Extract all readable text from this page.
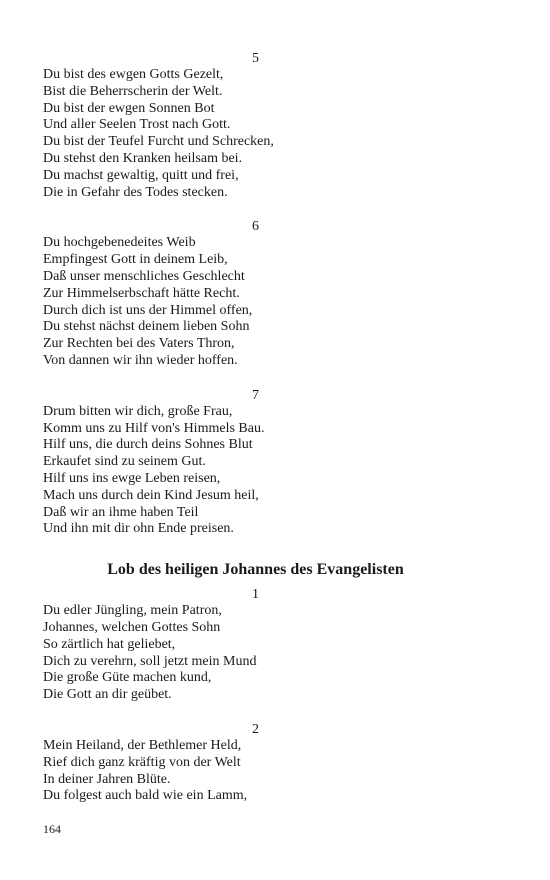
5

Du bist des ewgen Gotts Gezelt,

Bist die Beherrscherin der Welt.

Du bist der ewgen Sonnen Bot

Und aller Seelen Trost nach Gott.

Du bist der Teufel Furcht und Schrecken,

Du stehst den Kranken heilsam bei.

Du machst gewaltig, quitt und frei,

Die in Gefahr des Todes stecken.

6

Du hochgebenedeites Weib

Empfingest Gott in deinem Leib,

Daß unser menschliches Geschlecht

Zur Himmelserbschaft hätte Recht.

Durch dich ist uns der Himmel offen,

Du stehst nächst deinem lieben Sohn

Zur Rechten bei des Vaters Thron,

Von dannen wir ihn wieder hoffen.

7

Drum bitten wir dich, große Frau,

Komm uns zu Hilf von's Himmels Bau.

Hilf uns, die durch deins Sohnes Blut

Erkaufet sind zu seinem Gut.

Hilf uns ins ewge Leben reisen,

Mach uns durch dein Kind Jesum heil,

Daß wir an ihme haben Teil

Und ihn mit dir ohn Ende preisen.

Lob des heiligen Johannes des Evangelisten

1

Du edler Jüngling, mein Patron,

Johannes, welchen Gottes Sohn

So zärtlich hat geliebet,

Dich zu verehrn, soll jetzt mein Mund

Die große Güte machen kund,

Die Gott an dir geübet.

2

Mein Heiland, der Bethlemer Held,

Rief dich ganz kräftig von der Welt

In deiner Jahren Blüte.

Du folgest auch bald wie ein Lamm,

164
